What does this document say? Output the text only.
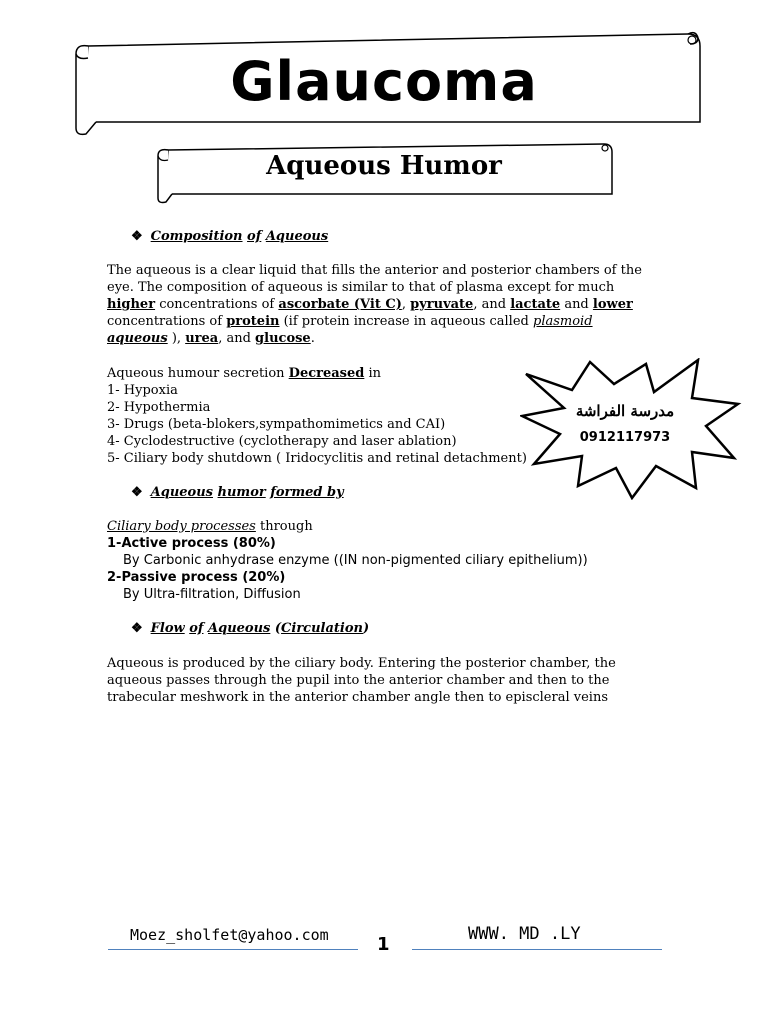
Glaucoma
Aqueous Humor
❖ Composition of Aqueous
The aqueous is a clear liquid that fills the anterior and posterior chambers of the
eye. The composition of aqueous is similar to that of plasma except for much
higher concentrations of ascorbate (Vit C), pyruvate, and lactate and lower
concentrations of protein (if protein increase in aqueous called plasmoid
aqueous ), urea, and glucose.
Aqueous humour secretion Decreased in
1- Hypoxia
2- Hypothermia
3- Drugs (beta-blokers,sympathomimetics and CAI)
4- Cyclodestructive (cyclotherapy and laser ablation)
5- Ciliary body shutdown ( Iridocyclitis and retinal detachment)
مدرسة الفراشة
0912117973
❖ Aqueous humor formed by
Ciliary body processes through
1-Active process (80%)
By Carbonic anhydrase enzyme ((IN non-pigmented ciliary epithelium))
2-Passive process (20%)
By Ultra-filtration, Diffusion
❖ Flow of Aqueous (Circulation)
Aqueous is produced by the ciliary body. Entering the posterior chamber, the
aqueous passes through the pupil into the anterior chamber and then to the
trabecular meshwork in the anterior chamber angle then to episcleral veins
Moez_sholfet@yahoo.com	1	WWW. MD .LY
